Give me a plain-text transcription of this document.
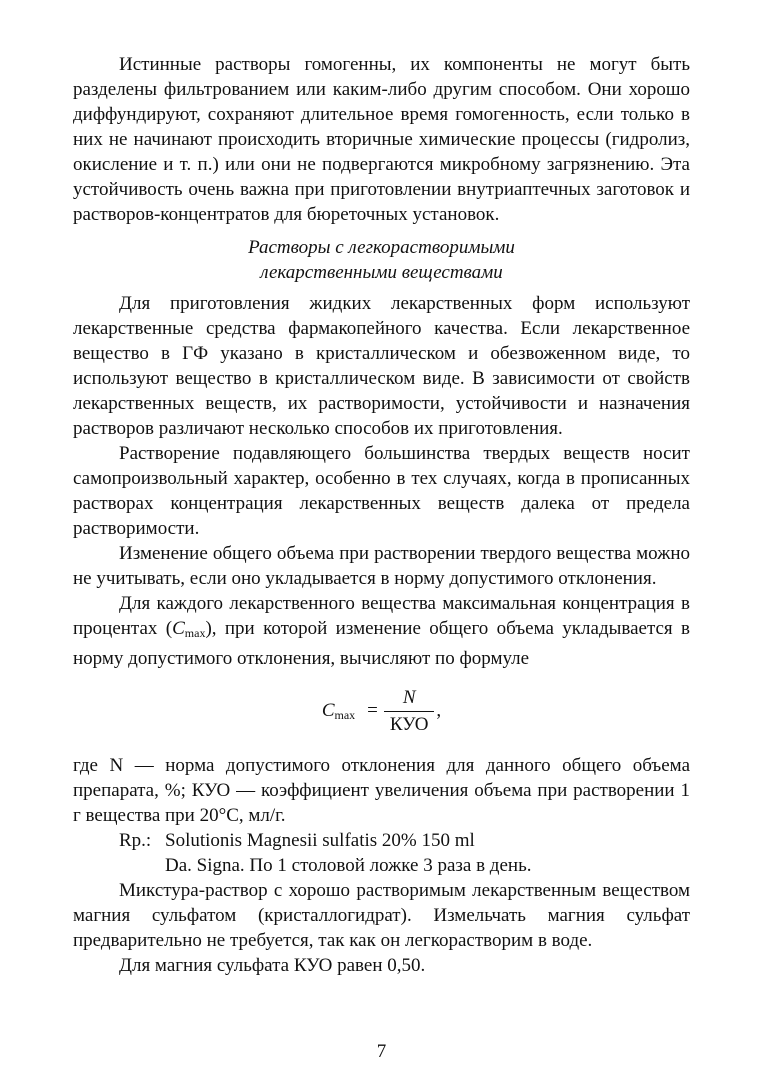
Истинные растворы гомогенны, их компоненты не могут быть разделены фильтрованием или каким-либо другим способом. Они хорошо диффундируют, сохраняют длительное время гомогенность, если только в них не начинают происходить вторичные химические процессы (гидролиз, окисление и т. п.) или они не подвергаются микробному загрязнению. Эта устойчивость очень важна при приготовлении внутриаптечных заготовок и растворов-концентратов для бюреточных установок.

Растворы с легкорастворимыми
лекарственными веществами

Для приготовления жидких лекарственных форм используют лекарственные средства фармакопейного качества. Если лекарственное вещество в ГФ указано в кристаллическом и обезвоженном виде, то используют вещество в кристаллическом виде. В зависимости от свойств лекарственных веществ, их растворимости, устойчивости и назначения растворов различают несколько способов их приготовления.

Растворение подавляющего большинства твердых веществ носит самопроизвольный характер, особенно в тех случаях, когда в прописанных растворах концентрация лекарственных веществ далека от предела растворимости.

Изменение общего объема при растворении твердого вещества можно не учитывать, если оно укладывается в норму допустимого отклонения.

Для каждого лекарственного вещества максимальная концентрация в процентах $(C_{max})$, при которой изменение общего объема укладывается в норму допустимого отклонения, вычисляют по формуле

$C_{max} = \frac{N}{\text{КУО}}$ ,

где N — норма допустимого отклонения для данного общего объема препарата, %; КУО — коэффициент увеличения объема при растворении 1 г вещества при 20°С, мл/г.

Rp.: Solutionis Magnesii sulfatis 20% 150 ml
Da. Signa. По 1 столовой ложке 3 раза в день.

Микстура-раствор с хорошо растворимым лекарственным веществом магния сульфатом (кристаллогидрат). Измельчать магния сульфат предварительно не требуется, так как он легкорастворим в воде.

Для магния сульфата КУО равен 0,50.

7
